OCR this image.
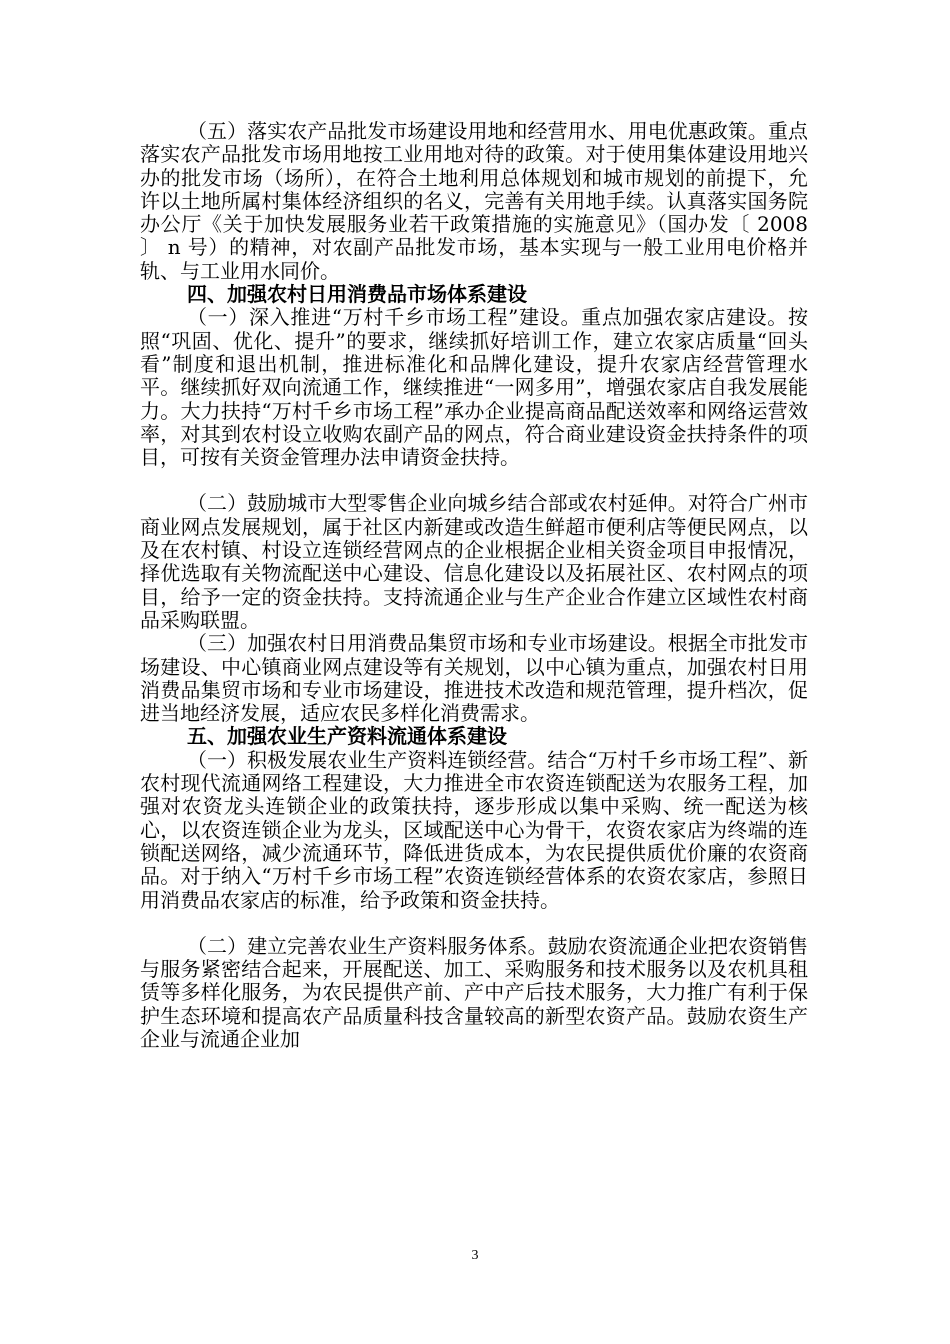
（五）落实农产品批发市场建设用地和经营用水、用电优惠政策。重点落实农产品批发市场用地按工业用地对待的政策。对于使用集体建设用地兴办的批发市场（场所），在符合土地利用总体规划和城市规划的前提下，允许以土地所属村集体经济组织的名义，完善有关用地手续。认真落实国务院办公厅《关于加快发展服务业若干政策措施的实施意见》（国办发〔 2008 〕 n 号）的精神，对农副产品批发市场，基本实现与一般工业用电价格并轨、与工业用水同价。

四、加强农村日用消费品市场体系建设

（一）深入推进“万村千乡市场工程”建设。重点加强农家店建设。按照“巩固、优化、提升”的要求，继续抓好培训工作，建立农家店质量“回头看”制度和退出机制，推进标准化和品牌化建设，提升农家店经营管理水平。继续抓好双向流通工作，继续推进“一网多用”，增强农家店自我发展能力。大力扶持“万村千乡市场工程”承办企业提高商品配送效率和网络运营效率，对其到农村设立收购农副产品的网点，符合商业建设资金扶持条件的项目，可按有关资金管理办法申请资金扶持。

（二）鼓励城市大型零售企业向城乡结合部或农村延伸。对符合广州市商业网点发展规划，属于社区内新建或改造生鲜超市便利店等便民网点，以及在农村镇、村设立连锁经营网点的企业根据企业相关资金项目申报情况，择优选取有关物流配送中心建设、信息化建设以及拓展社区、农村网点的项目，给予一定的资金扶持。支持流通企业与生产企业合作建立区域性农村商品采购联盟。

（三）加强农村日用消费品集贸市场和专业市场建设。根据全市批发市场建设、中心镇商业网点建设等有关规划，以中心镇为重点，加强农村日用消费品集贸市场和专业市场建设，推进技术改造和规范管理，提升档次，促进当地经济发展，适应农民多样化消费需求。

五、加强农业生产资料流通体系建设

（一）积极发展农业生产资料连锁经营。结合“万村千乡市场工程”、新农村现代流通网络工程建设，大力推进全市农资连锁配送为农服务工程，加强对农资龙头连锁企业的政策扶持，逐步形成以集中采购、统一配送为核心，以农资连锁企业为龙头，区域配送中心为骨干，农资农家店为终端的连锁配送网络，减少流通环节，降低进货成本，为农民提供质优价廉的农资商品。对于纳入“万村千乡市场工程”农资连锁经营体系的农资农家店，参照日用消费品农家店的标准，给予政策和资金扶持。

（二）建立完善农业生产资料服务体系。鼓励农资流通企业把农资销售与服务紧密结合起来，开展配送、加工、采购服务和技术服务以及农机具租赁等多样化服务，为农民提供产前、产中产后技术服务，大力推广有利于保护生态环境和提高农产品质量科技含量较高的新型农资产品。鼓励农资生产企业与流通企业加

3
